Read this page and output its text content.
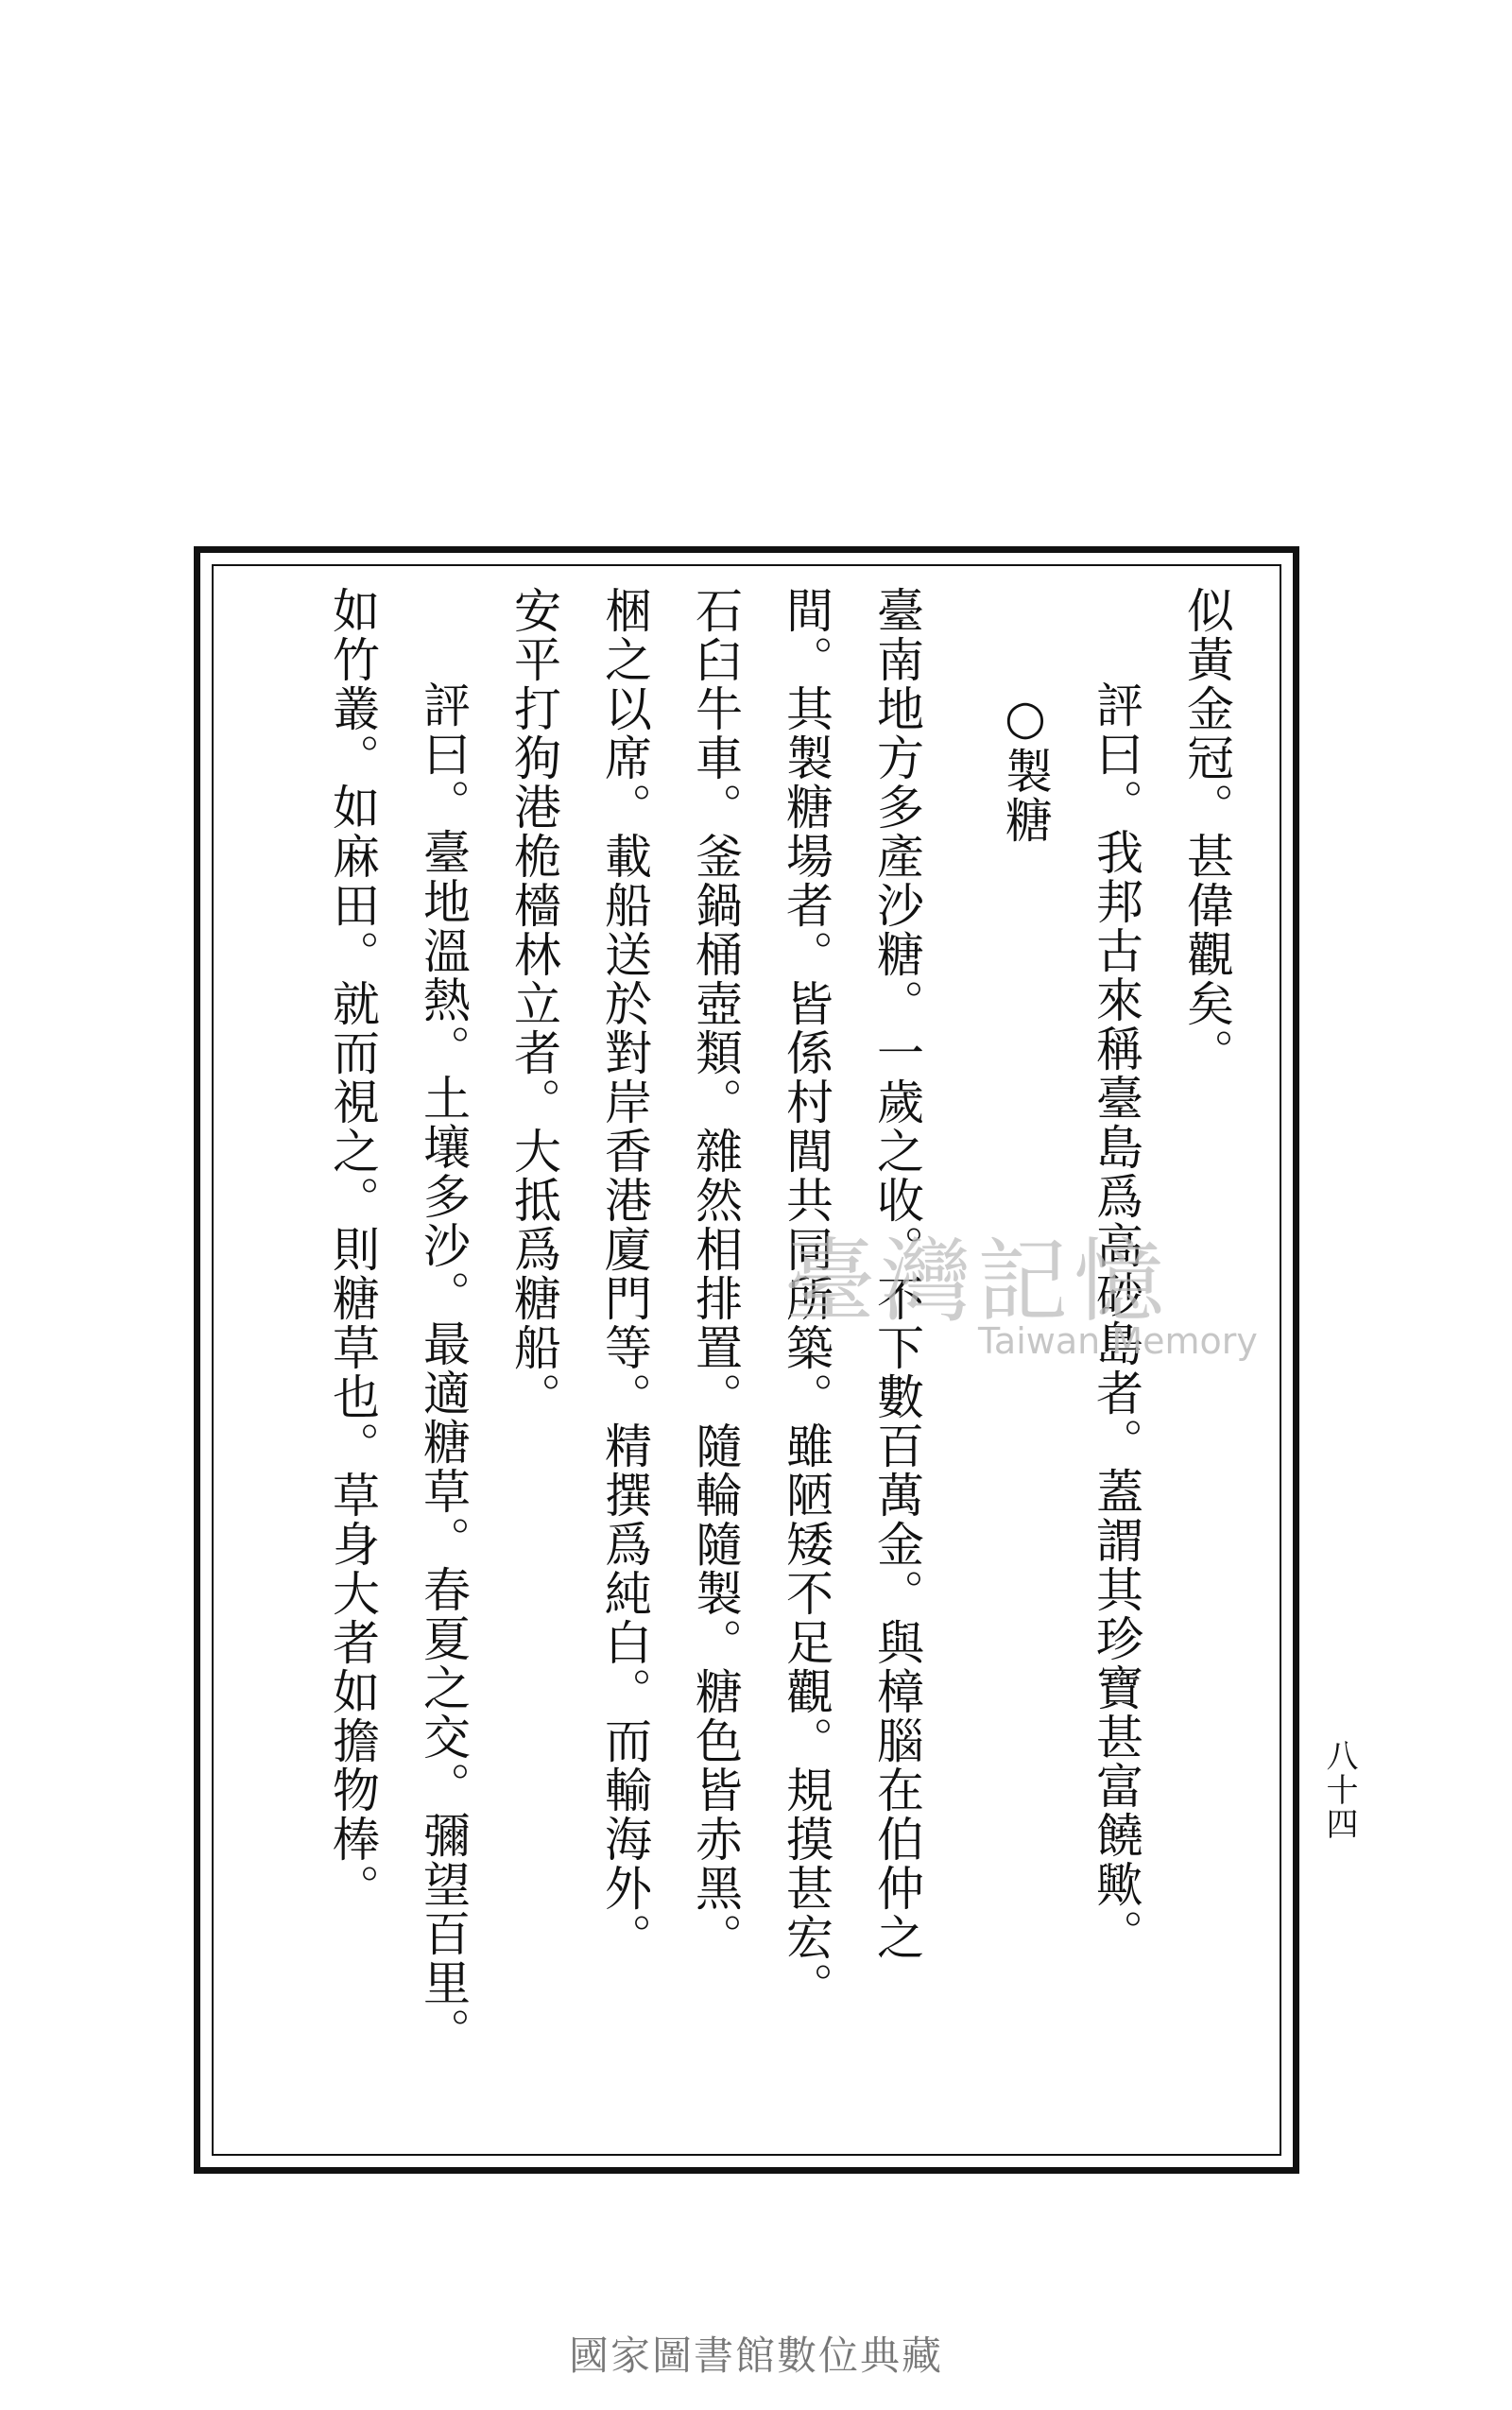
似黃金冠。甚偉觀矣。
評曰。我邦古來稱臺島爲高砂島者。蓋謂其珍寶甚富饒歟。
○製糖
臺南地方多產沙糖。一歲之收。不下數百萬金。與樟腦在伯仲之
間。其製糖場者。皆係村閭共同所築。雖陋矮不足觀。規摸甚宏。
石臼牛車。釜鍋桶壺類。雜然相排置。隨輪隨製。糖色皆赤黑。
梱之以席。載船送於對岸香港廈門等。精撰爲純白。而輸海外。
安平打狗港桅檣林立者。大抵爲糖船。
評曰。臺地溫熱。土壤多沙。最適糖草。春夏之交。彌望百里。
如竹叢。如麻田。就而視之。則糖草也。草身大者如擔物棒。	八十四
臺灣記憶
Taiwan Memory
國家圖書館數位典藏
